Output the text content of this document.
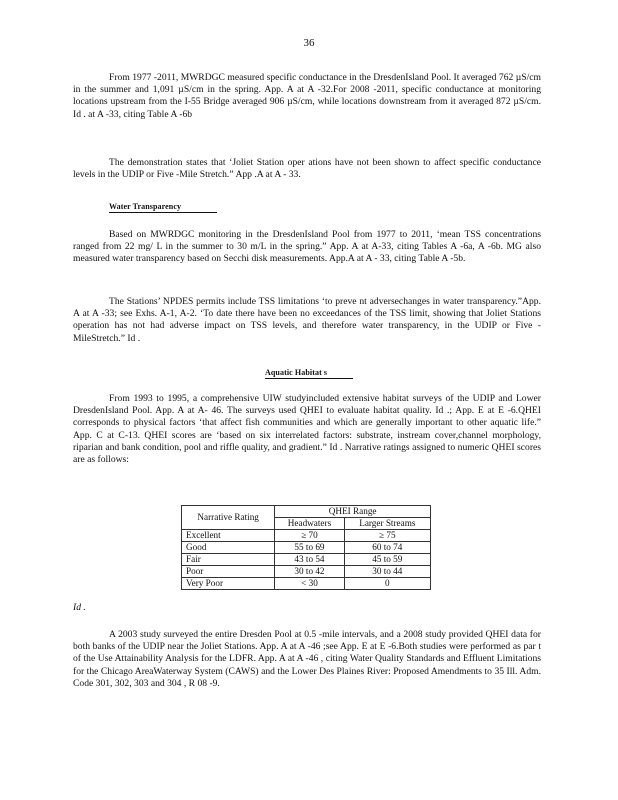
36

From 1977 -2011, MWRDGC measured specific conductance in the DresdenIsland Pool. It averaged 762 µS/cm in the summer and 1,091 µS/cm in the spring. App. A at A -32.For 2008 -2011, specific conductance at monitoring locations upstream from the I-55 Bridge averaged 906 µS/cm, while locations downstream from it averaged 872 µS/cm. Id . at A -33, citing Table A -6b

The demonstration states that ‘Joliet Station oper ations have not been shown to affect specific conductance levels in the UDIP or Five -Mile Stretch.” App .A at A - 33.

Water Transparency

Based on MWRDGC monitoring in the DresdenIsland Pool from 1977 to 2011, ‘mean TSS concentrations ranged from 22 mg/ L in the summer to 30 m/L in the spring.” App. A at A-33, citing Tables A -6a, A -6b. MG also measured water transparency based on Secchi disk measurements. App.A at A - 33, citing Table A -5b.

The Stations’ NPDES permits include TSS limitations ‘to preve nt adversechanges in water transparency.”App. A at A -33; see Exhs. A-1, A-2. ‘To date there have been no exceedances of the TSS limit, showing that Joliet Stations operation has not had adverse impact on TSS levels, and therefore water transparency, in the UDIP or Five - MileStretch.” Id .

Aquatic Habitat s

From 1993 to 1995, a comprehensive UIW studyincluded extensive habitat surveys of the UDIP and Lower DresdenIsland Pool. App. A at A- 46. The surveys used QHEI to evaluate habitat quality. Id .; App. E at E -6.QHEI corresponds to physical factors ‘that affect fish communities and which are generally important to other aquatic life.” App. C at C-13. QHEI scores are ‘based on six interrelated factors: substrate, instream cover,channel morphology, riparian and bank condition, pool and riffle quality, and gradient.” Id . Narrative ratings assigned to numeric QHEI scores are as follows:

Narrative Rating	QHEI Range	
	Headwaters	Larger Streams
Excellent	≥ 70	≥ 75
Good	55 to 69	60 to 74
Fair	43 to 54	45 to 59
Poor	30 to 42	30 to 44
Very Poor	< 30	0
Id .

A 2003 study surveyed the entire Dresden Pool at 0.5 -mile intervals, and a 2008 study provided QHEI data for both banks of the UDIP near the Joliet Stations. App. A at A -46 ;see App. E at E -6.Both studies were performed as par t of the Use Attainability Analysis for the LDFR. App. A at A -46 , citing Water Quality Standards and Effluent Limitations for the Chicago AreaWaterway System (CAWS) and the Lower Des Plaines River: Proposed Amendments to 35 Ill. Adm. Code 301, 302, 303 and 304 , R 08 -9.
